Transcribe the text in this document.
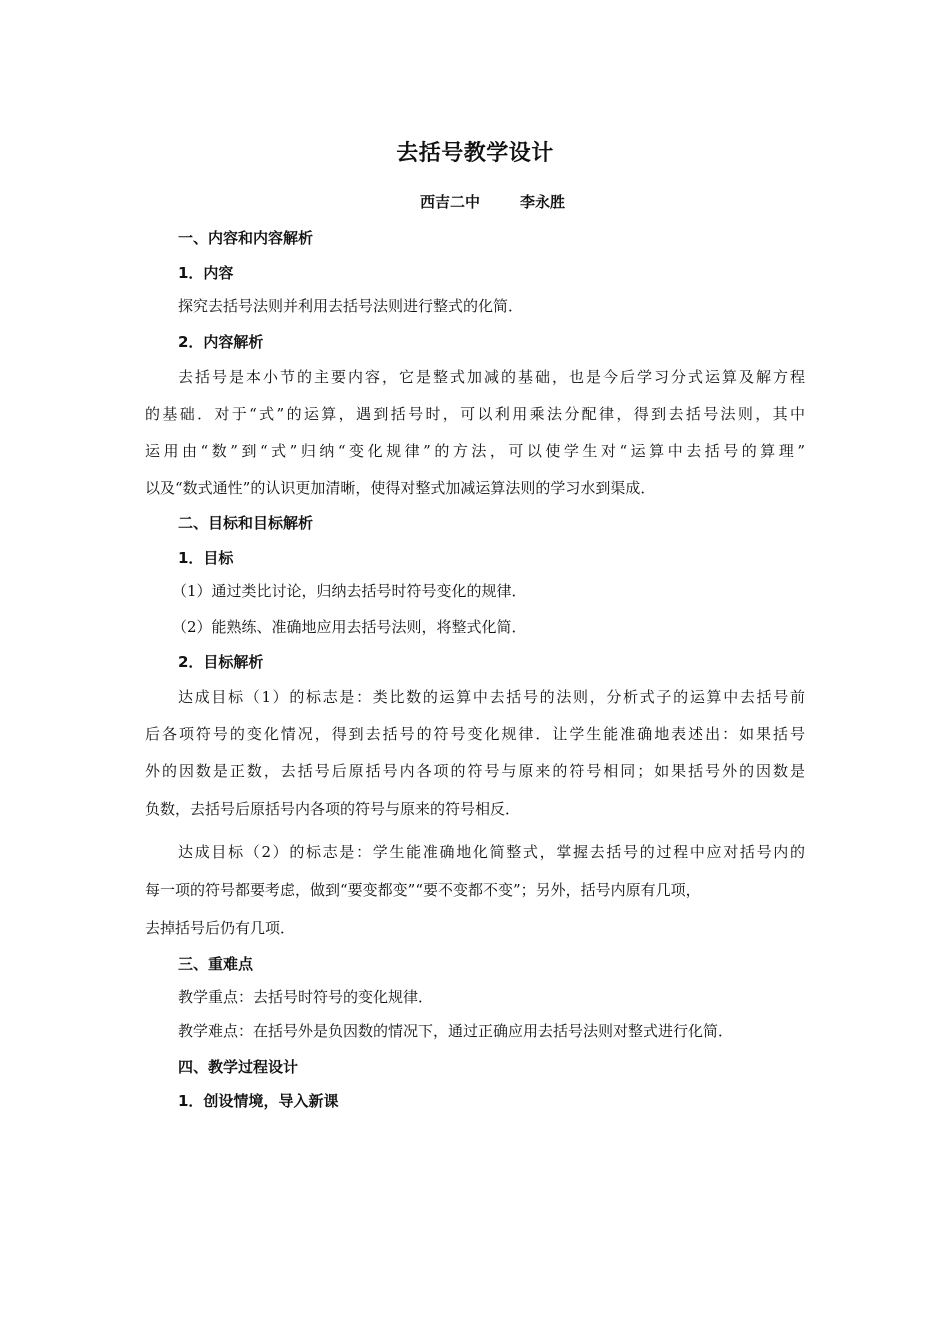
去括号教学设计
西吉二中	李永胜
一、内容和内容解析
1．内容
探究去括号法则并利用去括号法则进行整式的化简．
2．内容解析
去括号是本小节的主要内容，它是整式加减的基础，也是今后学习分式运算及解方程
的基础．对于“式”的运算，遇到括号时，可以利用乘法分配律，得到去括号法则，其中
运用由“数”到“式”归纳“变化规律”的方法，可以使学生对“运算中去括号的算理”
以及“数式通性”的认识更加清晰，使得对整式加减运算法则的学习水到渠成．
二、目标和目标解析
1．目标
（1）通过类比讨论，归纳去括号时符号变化的规律．
（2）能熟练、准确地应用去括号法则，将整式化简．
2．目标解析
达成目标（1）的标志是：类比数的运算中去括号的法则，分析式子的运算中去括号前
后各项符号的变化情况，得到去括号的符号变化规律．让学生能准确地表述出：如果括号
外的因数是正数，去括号后原括号内各项的符号与原来的符号相同；如果括号外的因数是
负数，去括号后原括号内各项的符号与原来的符号相反．
达成目标（2）的标志是：学生能准确地化简整式，掌握去括号的过程中应对括号内的
每一项的符号都要考虑，做到“要变都变”“要不变都不变”；另外，括号内原有几项，
去掉括号后仍有几项．
三、重难点
教学重点：去括号时符号的变化规律．
教学难点：在括号外是负因数的情况下，通过正确应用去括号法则对整式进行化简．
四、教学过程设计
1．创设情境，导入新课
